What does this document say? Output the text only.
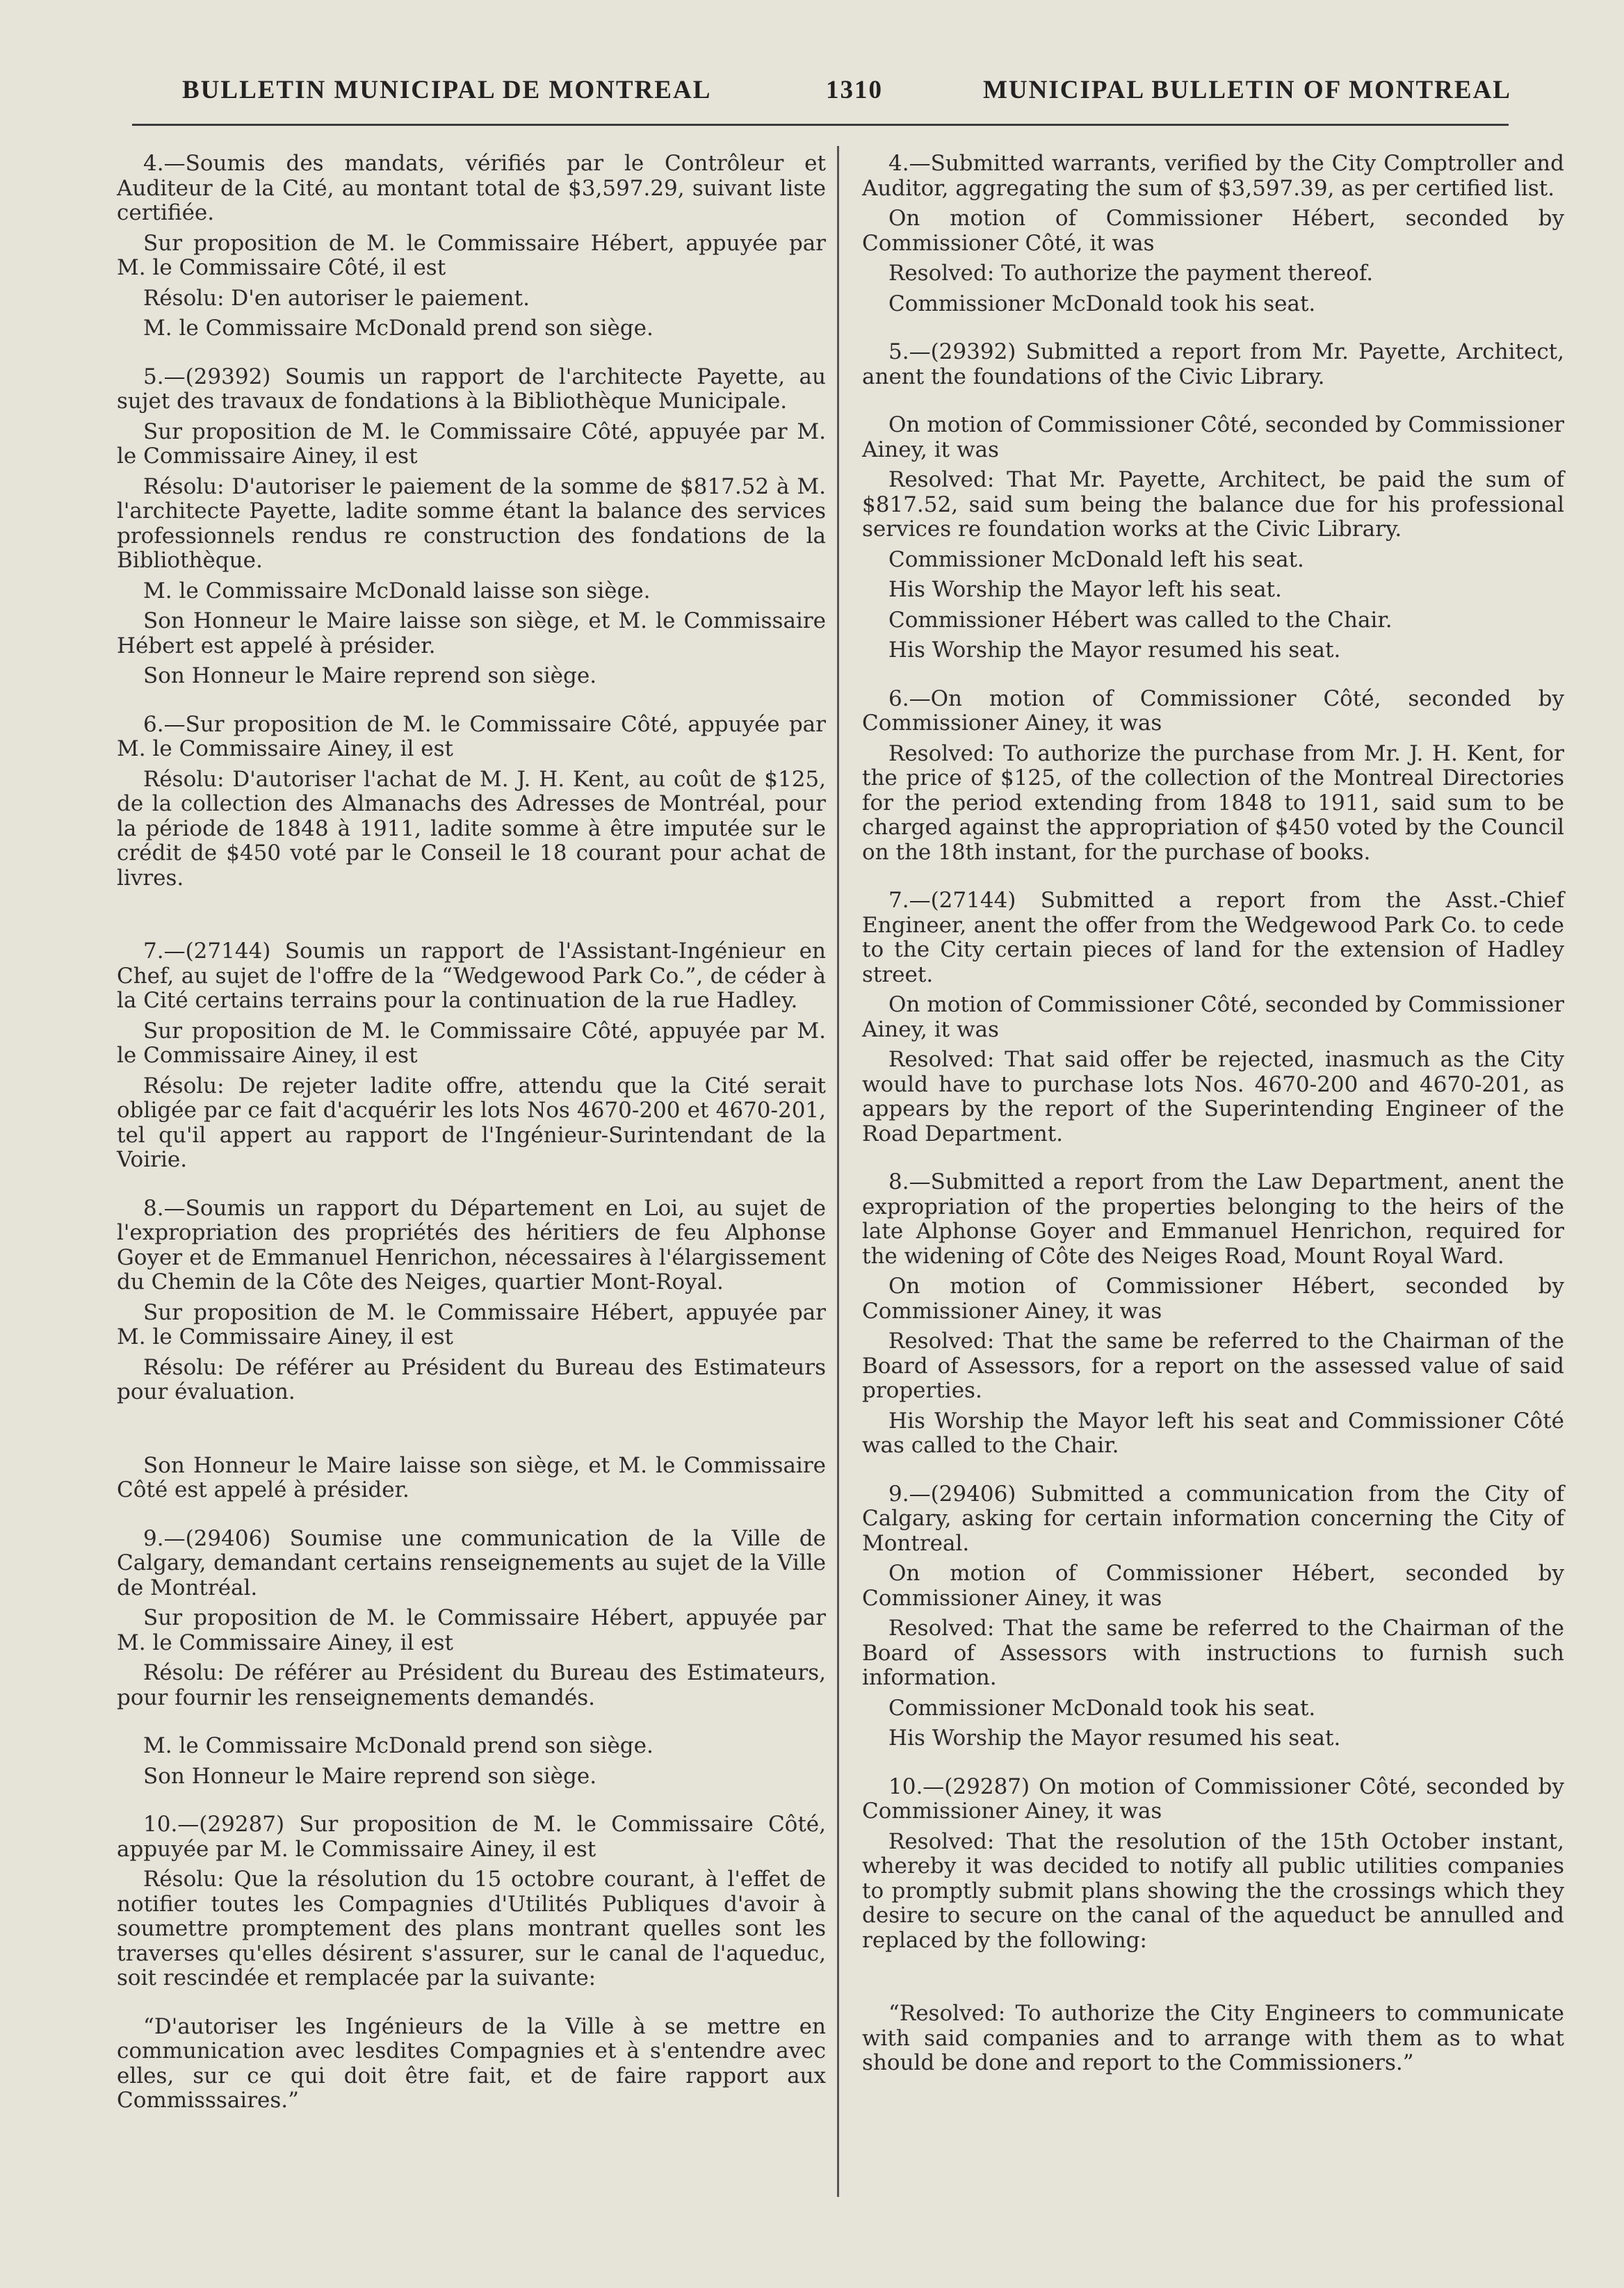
BULLETIN MUNICIPAL DE MONTREAL	1310	MUNICIPAL BULLETIN OF MONTREAL

4.—Soumis des mandats, vérifiés par le Contrôleur et Auditeur de la Cité, au montant total de $3,597.29, suivant liste certifiée.

Sur proposition de M. le Commissaire Hébert, appuyée par M. le Commissaire Côté, il est

Résolu: D'en autoriser le paiement.

M. le Commissaire McDonald prend son siège.

5.—(29392) Soumis un rapport de l'architecte Payette, au sujet des travaux de fondations à la Bibliothèque Municipale.

Sur proposition de M. le Commissaire Côté, appuyée par M. le Commissaire Ainey, il est

Résolu: D'autoriser le paiement de la somme de $817.52 à M. l'architecte Payette, ladite somme étant la balance des services professionnels rendus re construction des fondations de la Bibliothèque.

M. le Commissaire McDonald laisse son siège.

Son Honneur le Maire laisse son siège, et M. le Commissaire Hébert est appelé à présider.

Son Honneur le Maire reprend son siège.

6.—Sur proposition de M. le Commissaire Côté, appuyée par M. le Commissaire Ainey, il est

Résolu: D'autoriser l'achat de M. J. H. Kent, au coût de $125, de la collection des Almanachs des Adresses de Montréal, pour la période de 1848 à 1911, ladite somme à être imputée sur le crédit de $450 voté par le Conseil le 18 courant pour achat de livres.

7.—(27144) Soumis un rapport de l'Assistant-Ingénieur en Chef, au sujet de l'offre de la “Wedgewood Park Co.”, de céder à la Cité certains terrains pour la continuation de la rue Hadley.

Sur proposition de M. le Commissaire Côté, appuyée par M. le Commissaire Ainey, il est

Résolu: De rejeter ladite offre, attendu que la Cité serait obligée par ce fait d'acquérir les lots Nos 4670-200 et 4670-201, tel qu'il appert au rapport de l'Ingénieur-Surintendant de la Voirie.

8.—Soumis un rapport du Département en Loi, au sujet de l'expropriation des propriétés des héritiers de feu Alphonse Goyer et de Emmanuel Henrichon, nécessaires à l'élargissement du Chemin de la Côte des Neiges, quartier Mont-Royal.

Sur proposition de M. le Commissaire Hébert, appuyée par M. le Commissaire Ainey, il est

Résolu: De référer au Président du Bureau des Estimateurs pour évaluation.

Son Honneur le Maire laisse son siège, et M. le Commissaire Côté est appelé à présider.

9.—(29406) Soumise une communication de la Ville de Calgary, demandant certains renseignements au sujet de la Ville de Montréal.

Sur proposition de M. le Commissaire Hébert, appuyée par M. le Commissaire Ainey, il est

Résolu: De référer au Président du Bureau des Estimateurs, pour fournir les renseignements demandés.

M. le Commissaire McDonald prend son siège.

Son Honneur le Maire reprend son siège.

10.—(29287) Sur proposition de M. le Commissaire Côté, appuyée par M. le Commissaire Ainey, il est

Résolu: Que la résolution du 15 octobre courant, à l'effet de notifier toutes les Compagnies d'Utilités Publiques d'avoir à soumettre promptement des plans montrant quelles sont les traverses qu'elles désirent s'assurer, sur le canal de l'aqueduc, soit rescindée et remplacée par la suivante:

“D'autoriser les Ingénieurs de la Ville à se mettre en communication avec lesdites Compagnies et à s'entendre avec elles, sur ce qui doit être fait, et de faire rapport aux Commisssaires.”

4.—Submitted warrants, verified by the City Comptroller and Auditor, aggregating the sum of $3,597.39, as per certified list.

On motion of Commissioner Hébert, seconded by Commissioner Côté, it was

Resolved: To authorize the payment thereof.

Commissioner McDonald took his seat.

5.—(29392) Submitted a report from Mr. Payette, Architect, anent the foundations of the Civic Library.

On motion of Commissioner Côté, seconded by Commissioner Ainey, it was

Resolved: That Mr. Payette, Architect, be paid the sum of $817.52, said sum being the balance due for his professional services re foundation works at the Civic Library.

Commissioner McDonald left his seat.

His Worship the Mayor left his seat.

Commissioner Hébert was called to the Chair.

His Worship the Mayor resumed his seat.

6.—On motion of Commissioner Côté, seconded by Commissioner Ainey, it was

Resolved: To authorize the purchase from Mr. J. H. Kent, for the price of $125, of the collection of the Montreal Directories for the period extending from 1848 to 1911, said sum to be charged against the appropriation of $450 voted by the Council on the 18th instant, for the purchase of books.

7.—(27144) Submitted a report from the Asst.-Chief Engineer, anent the offer from the Wedgewood Park Co. to cede to the City certain pieces of land for the extension of Hadley street.

On motion of Commissioner Côté, seconded by Commissioner Ainey, it was

Resolved: That said offer be rejected, inasmuch as the City would have to purchase lots Nos. 4670-200 and 4670-201, as appears by the report of the Superintending Engineer of the Road Department.

8.—Submitted a report from the Law Department, anent the expropriation of the properties belonging to the heirs of the late Alphonse Goyer and Emmanuel Henrichon, required for the widening of Côte des Neiges Road, Mount Royal Ward.

On motion of Commissioner Hébert, seconded by Commissioner Ainey, it was

Resolved: That the same be referred to the Chairman of the Board of Assessors, for a report on the assessed value of said properties.

His Worship the Mayor left his seat and Commissioner Côté was called to the Chair.

9.—(29406) Submitted a communication from the City of Calgary, asking for certain information concerning the City of Montreal.

On motion of Commissioner Hébert, seconded by Commissioner Ainey, it was

Resolved: That the same be referred to the Chairman of the Board of Assessors with instructions to furnish such information.

Commissioner McDonald took his seat.

His Worship the Mayor resumed his seat.

10.—(29287) On motion of Commissioner Côté, seconded by Commissioner Ainey, it was

Resolved: That the resolution of the 15th October instant, whereby it was decided to notify all public utilities companies to promptly submit plans showing the the crossings which they desire to secure on the canal of the aqueduct be annulled and replaced by the following:

“Resolved: To authorize the City Engineers to communicate with said companies and to arrange with them as to what should be done and report to the Commissioners.”
